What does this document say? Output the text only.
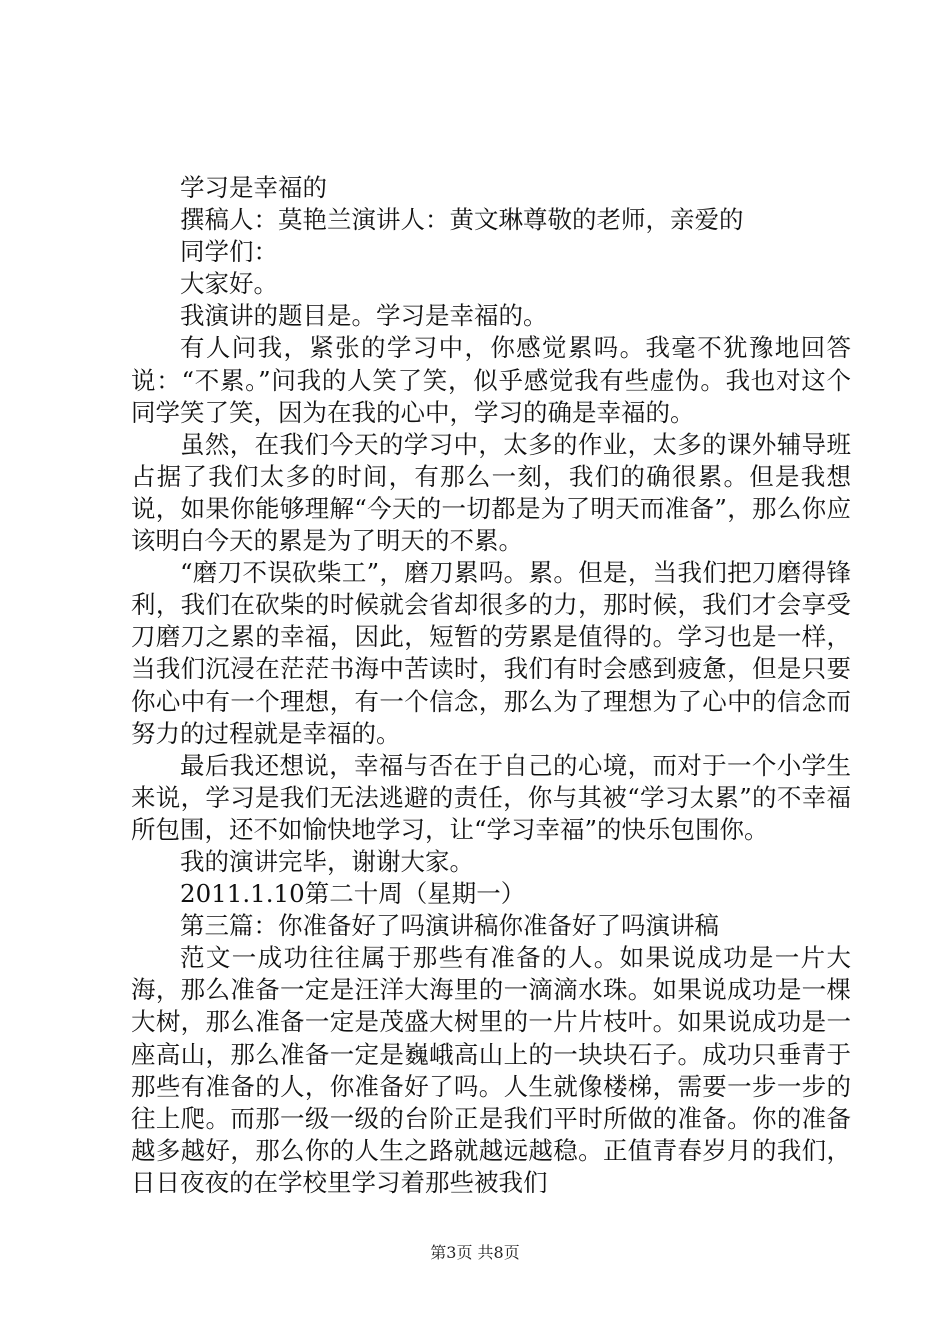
学习是幸福的

撰稿人：莫艳兰演讲人：黄文琳尊敬的老师，亲爱的

同学们：

大家好。

我演讲的题目是。学习是幸福的。

有人问我，紧张的学习中，你感觉累吗。我毫不犹豫地回答说：“不累。”问我的人笑了笑，似乎感觉我有些虚伪。我也对这个同学笑了笑，因为在我的心中，学习的确是幸福的。

虽然，在我们今天的学习中，太多的作业，太多的课外辅导班占据了我们太多的时间，有那么一刻，我们的确很累。但是我想说，如果你能够理解“今天的一切都是为了明天而准备”，那么你应该明白今天的累是为了明天的不累。

“磨刀不误砍柴工”，磨刀累吗。累。但是，当我们把刀磨得锋利，我们在砍柴的时候就会省却很多的力，那时候，我们才会享受刀磨刀之累的幸福，因此，短暂的劳累是值得的。学习也是一样，当我们沉浸在茫茫书海中苦读时，我们有时会感到疲惫，但是只要你心中有一个理想，有一个信念，那么为了理想为了心中的信念而努力的过程就是幸福的。

最后我还想说，幸福与否在于自己的心境，而对于一个小学生来说，学习是我们无法逃避的责任，你与其被“学习太累”的不幸福所包围，还不如愉快地学习，让“学习幸福”的快乐包围你。

我的演讲完毕，谢谢大家。

2011.1.10第二十周（星期一）

第三篇：你准备好了吗演讲稿你准备好了吗演讲稿

范文一成功往往属于那些有准备的人。如果说成功是一片大海，那么准备一定是汪洋大海里的一滴滴水珠。如果说成功是一棵大树，那么准备一定是茂盛大树里的一片片枝叶。如果说成功是一座高山，那么准备一定是巍峨高山上的一块块石子。成功只垂青于那些有准备的人，你准备好了吗。人生就像楼梯，需要一步一步的往上爬。而那一级一级的台阶正是我们平时所做的准备。你的准备越多越好，那么你的人生之路就越远越稳。正值青春岁月的我们，日日夜夜的在学校里学习着那些被我们

第3页 共8页
